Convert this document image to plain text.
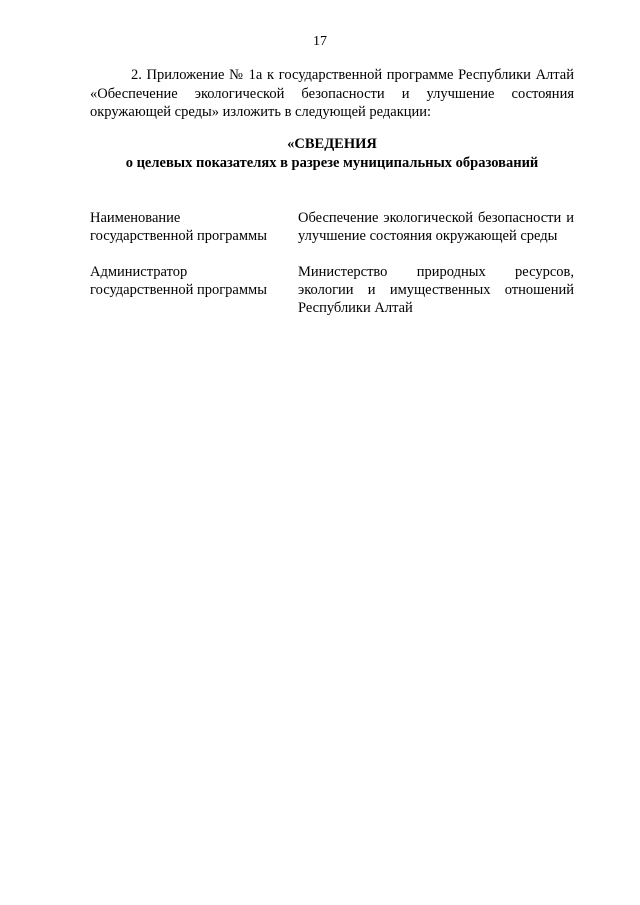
17

2. Приложение № 1а к государственной программе Республики Алтай «Обеспечение экологической безопасности и улучшение состояния окружающей среды» изложить в следующей редакции:

«СВЕДЕНИЯ
о целевых показателях в разрезе муниципальных образований
Наименование
государственной программы
Обеспечение экологической безопасности и улучшение состояния окружающей среды
Администратор
государственной программы
Министерство природных ресурсов, экологии и имущественных отношений Республики Алтай
